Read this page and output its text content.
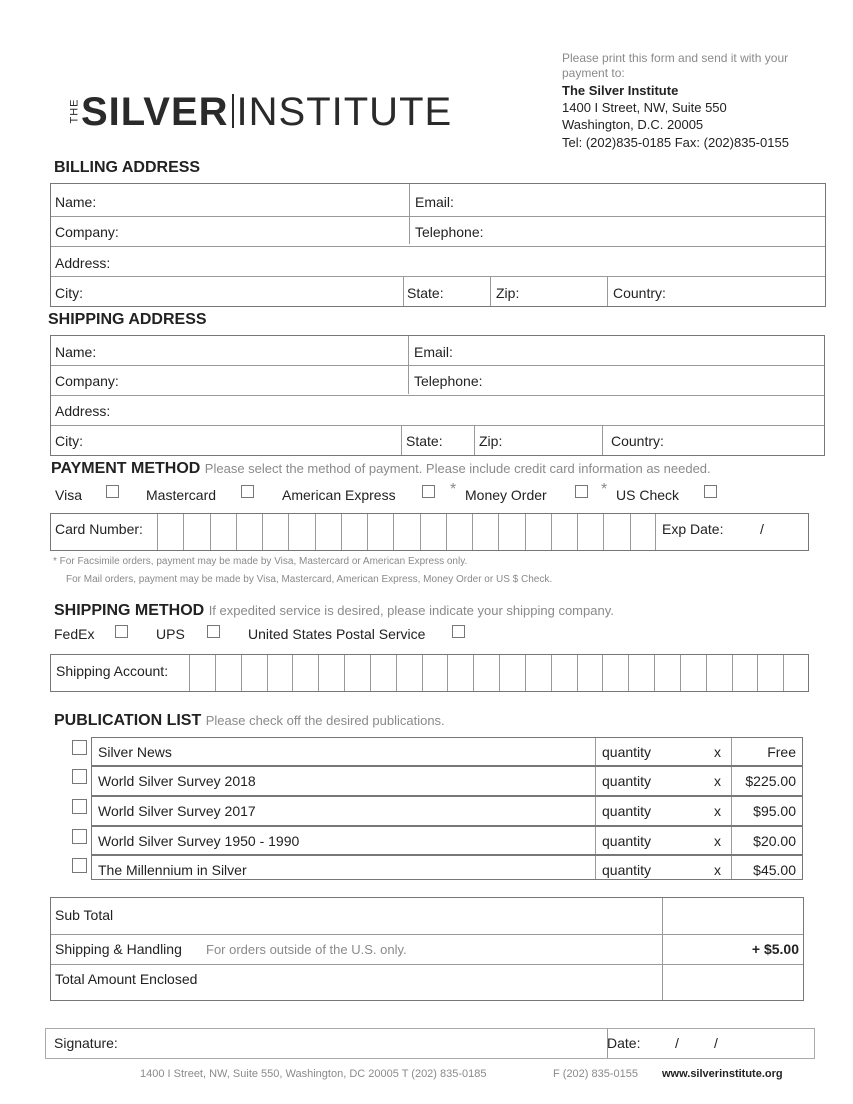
THESILVER INSTITUTE
Please print this form and send it with your payment to:
The Silver Institute
1400 I Street, NW, Suite 550
Washington, D.C. 20005
Tel: (202)835-0185 Fax: (202)835-0155
BILLING ADDRESS
Name:	Email:
Company:	Telephone:
Address:
City:	State:	Zip:	Country:
SHIPPING ADDRESS
Name:	Email:
Company:	Telephone:
Address:
City:	State:	Zip:	Country:
PAYMENT METHOD Please select the method of payment. Please include credit card information as needed.
Visa	Mastercard	American Express	* Money Order	* US Check
Card Number:	Exp Date:	/
* For Facsimile orders, payment may be made by Visa, Mastercard or American Express only.
For Mail orders, payment may be made by Visa, Mastercard, American Express, Money Order or US $ Check.
SHIPPING METHOD If expedited service is desired, please indicate your shipping company.
FedEx	UPS	United States Postal Service
Shipping Account:
PUBLICATION LIST Please check off the desired publications.
Silver News	quantity	x	Free
World Silver Survey 2018	quantity	x $225.00
World Silver Survey 2017	quantity	x $95.00
World Silver Survey 1950 - 1990	quantity	x $20.00
The Millennium in Silver	quantity	x $45.00
Sub Total
Shipping & Handling For orders outside of the U.S. only.	+ $5.00
Total Amount Enclosed
Signature:	Date: /	/
1400 I Street, NW, Suite 550, Washington, DC 20005 T (202) 835-0185	F (202) 835-0155 www.silverinstitute.org
